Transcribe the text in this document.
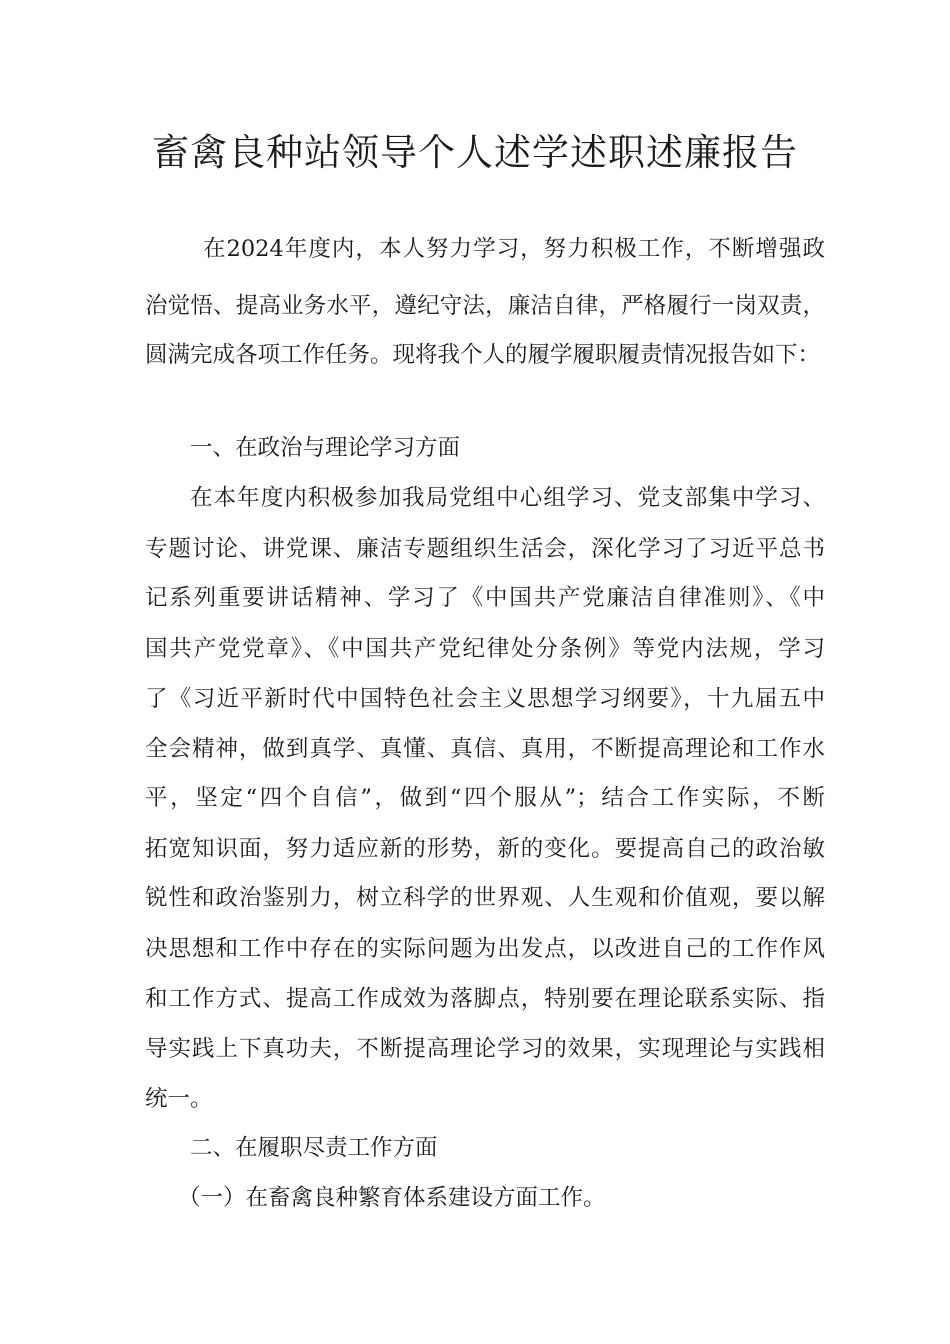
畜禽良种站领导个人述学述职述廉报告
在2024年度内，本人努力学习，努力积极工作，不断增强政
治觉悟、提高业务水平，遵纪守法，廉洁自律，严格履行一岗双责，
圆满完成各项工作任务。现将我个人的履学履职履责情况报告如下：
一、在政治与理论学习方面
在本年度内积极参加我局党组中心组学习、党支部集中学习、
专题讨论、讲党课、廉洁专题组织生活会，深化学习了习近平总书
记系列重要讲话精神、学习了《中国共产党廉洁自律准则》、《中
国共产党党章》、《中国共产党纪律处分条例》等党内法规，学习
了《习近平新时代中国特色社会主义思想学习纲要》，十九届五中
全会精神，做到真学、真懂、真信、真用，不断提高理论和工作水
平，坚定“四个自信”，做到“四个服从”；结合工作实际，不断
拓宽知识面，努力适应新的形势，新的变化。要提高自己的政治敏
锐性和政治鉴别力，树立科学的世界观、人生观和价值观，要以解
决思想和工作中存在的实际问题为出发点，以改进自己的工作作风
和工作方式、提高工作成效为落脚点，特别要在理论联系实际、指
导实践上下真功夫，不断提高理论学习的效果，实现理论与实践相
统一。
二、在履职尽责工作方面
（一）在畜禽良种繁育体系建设方面工作。
